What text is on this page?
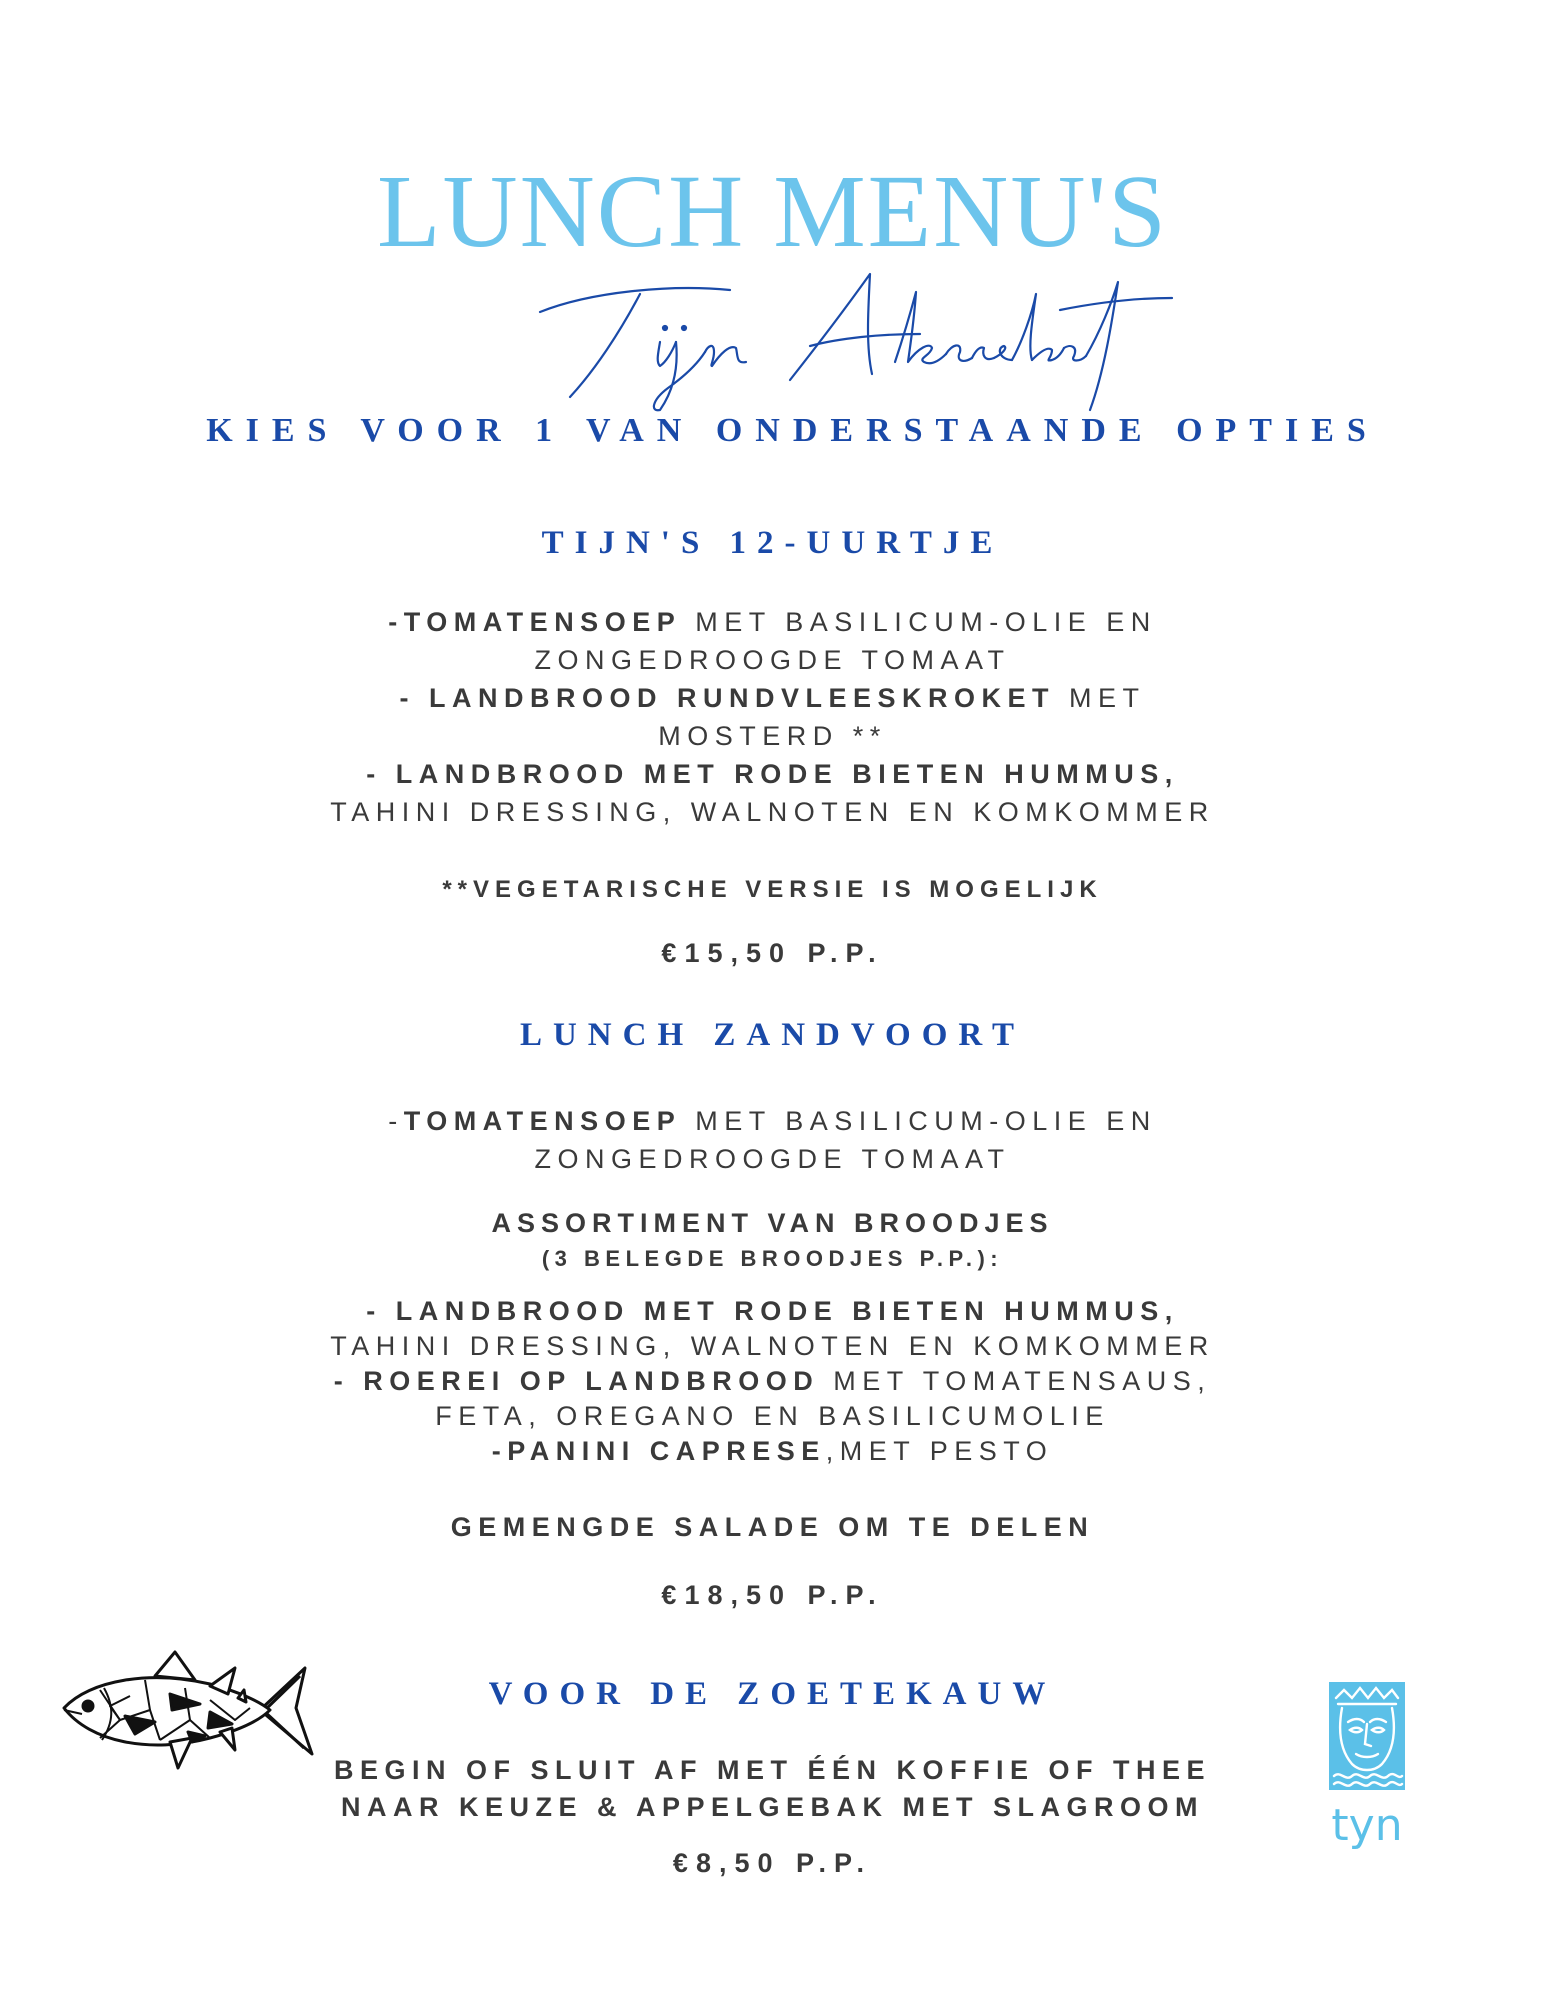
LUNCH MENU'S
KIES VOOR 1 VAN ONDERSTAANDE OPTIES
TIJN'S 12-UURTJE
-TOMATENSOEP MET BASILICUM-OLIE EN
ZONGEDROOGDE TOMAAT
- LANDBROOD RUNDVLEESKROKET MET
MOSTERD **
- LANDBROOD MET RODE BIETEN HUMMUS,
TAHINI DRESSING, WALNOTEN EN KOMKOMMER
**VEGETARISCHE VERSIE IS MOGELIJK
€15,50 P.P.
LUNCH ZANDVOORT
-TOMATENSOEP MET BASILICUM-OLIE EN
ZONGEDROOGDE TOMAAT
ASSORTIMENT VAN BROODJES
(3 BELEGDE BROODJES P.P.):
- LANDBROOD MET RODE BIETEN HUMMUS,
TAHINI DRESSING, WALNOTEN EN KOMKOMMER
- ROEREI OP LANDBROOD MET TOMATENSAUS,
FETA, OREGANO EN BASILICUMOLIE
-PANINI CAPRESE,MET PESTO
GEMENGDE SALADE OM TE DELEN
€18,50 P.P.
VOOR DE ZOETEKAUW
BEGIN OF SLUIT AF MET ÉÉN KOFFIE OF THEE
NAAR KEUZE & APPELGEBAK MET SLAGROOM
€8,50 P.P.
tyn
